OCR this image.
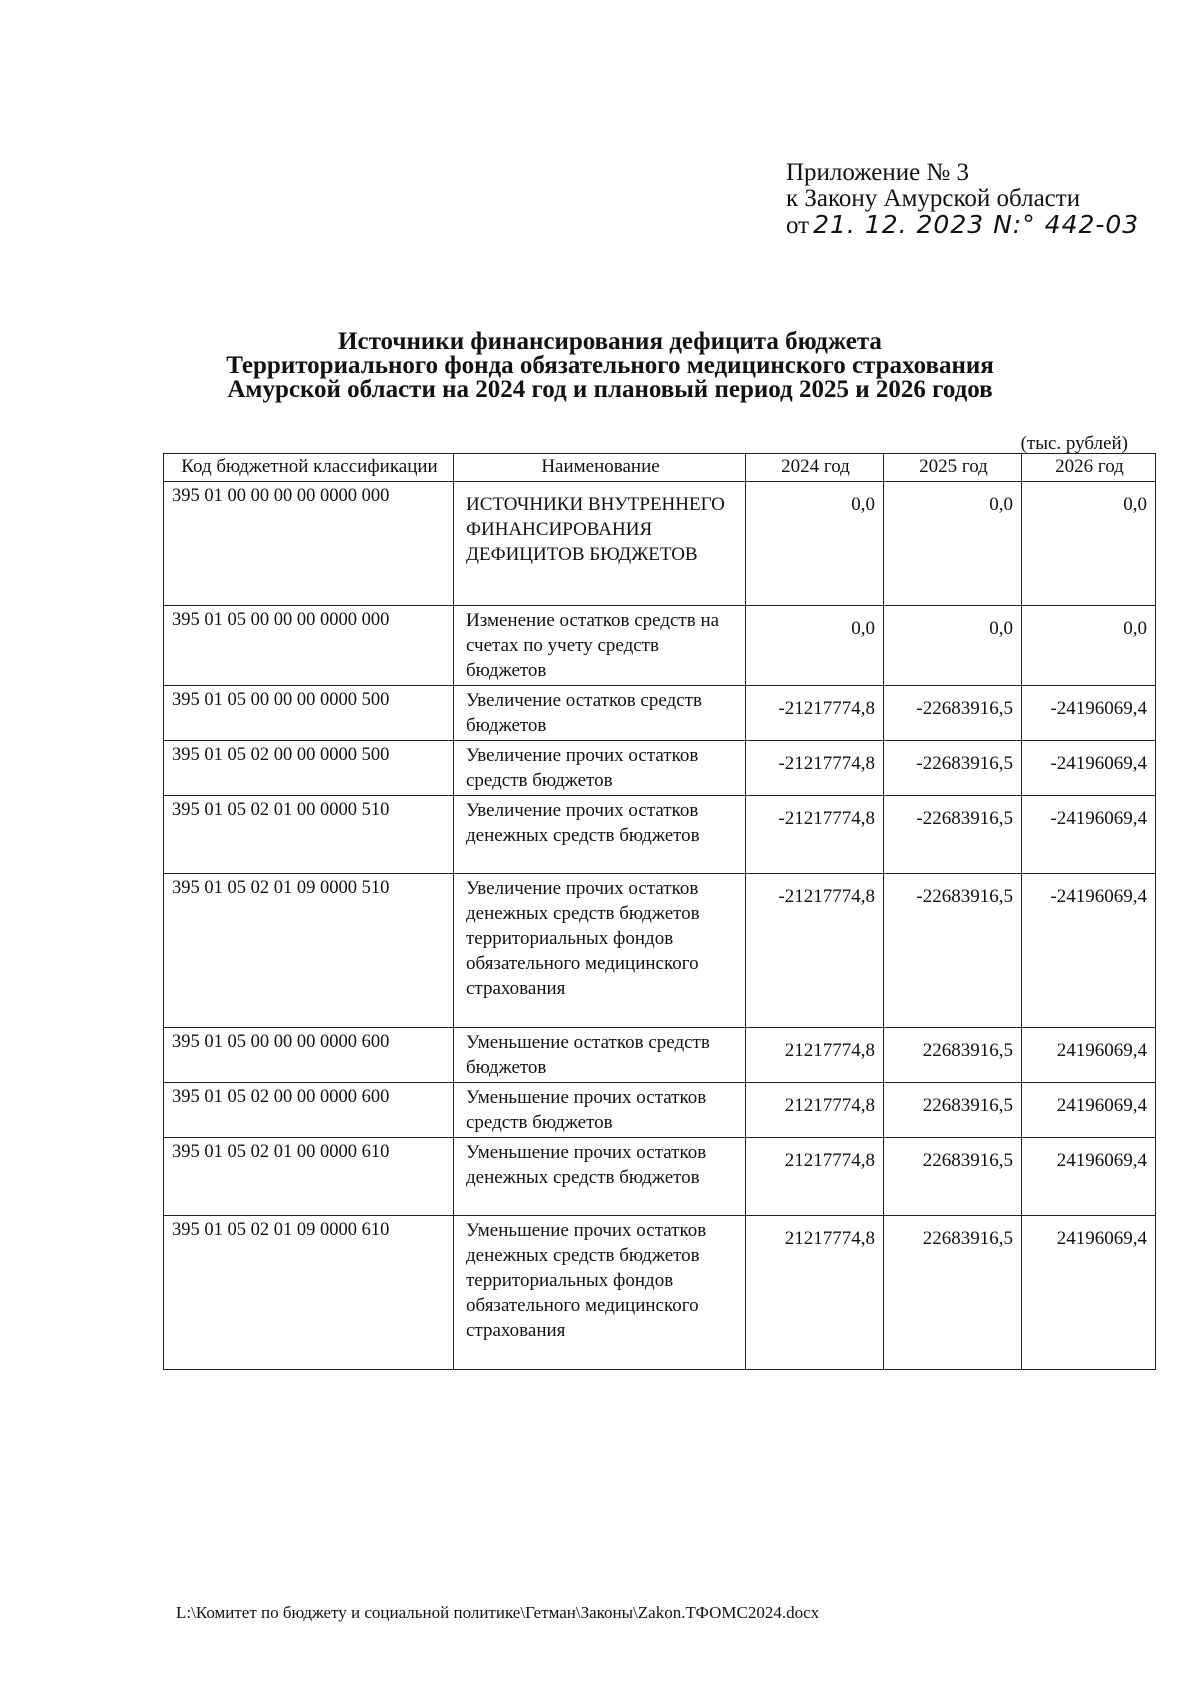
Приложение № 3
к Закону Амурской области
от 21. 12. 2023 N:° 442-03
Источники финансирования дефицита бюджета
Территориального фонда обязательного медицинского страхования
Амурской области на 2024 год и плановый период 2025 и 2026 годов
(тыс. рублей)
Код бюджетной классификации	Наименование	2024 год	2025 год	2026 год
395 01 00 00 00 00 0000 000	ИСТОЧНИКИ ВНУТРЕННЕГО ФИНАНСИРОВАНИЯ ДЕФИЦИТОВ БЮДЖЕТОВ	0,0	0,0	0,0
395 01 05 00 00 00 0000 000	Изменение остатков средств на счетах по учету средств бюджетов	0,0	0,0	0,0
395 01 05 00 00 00 0000 500	Увеличение остатков средств бюджетов	-21217774,8	-22683916,5	-24196069,4
395 01 05 02 00 00 0000 500	Увеличение прочих остатков средств бюджетов	-21217774,8	-22683916,5	-24196069,4
395 01 05 02 01 00 0000 510	Увеличение прочих остатков денежных средств бюджетов	-21217774,8	-22683916,5	-24196069,4
395 01 05 02 01 09 0000 510	Увеличение прочих остатков денежных средств бюджетов территориальных фондов обязательного медицинского страхования	-21217774,8	-22683916,5	-24196069,4
395 01 05 00 00 00 0000 600	Уменьшение остатков средств бюджетов	21217774,8	22683916,5	24196069,4
395 01 05 02 00 00 0000 600	Уменьшение прочих остатков средств бюджетов	21217774,8	22683916,5	24196069,4
395 01 05 02 01 00 0000 610	Уменьшение прочих остатков денежных средств бюджетов	21217774,8	22683916,5	24196069,4
395 01 05 02 01 09 0000 610	Уменьшение прочих остатков денежных средств бюджетов территориальных фондов обязательного медицинского страхования	21217774,8	22683916,5	24196069,4
L:\Комитет по бюджету и социальной политике\Гетман\Законы\Zakon.ТФОМС2024.docx
